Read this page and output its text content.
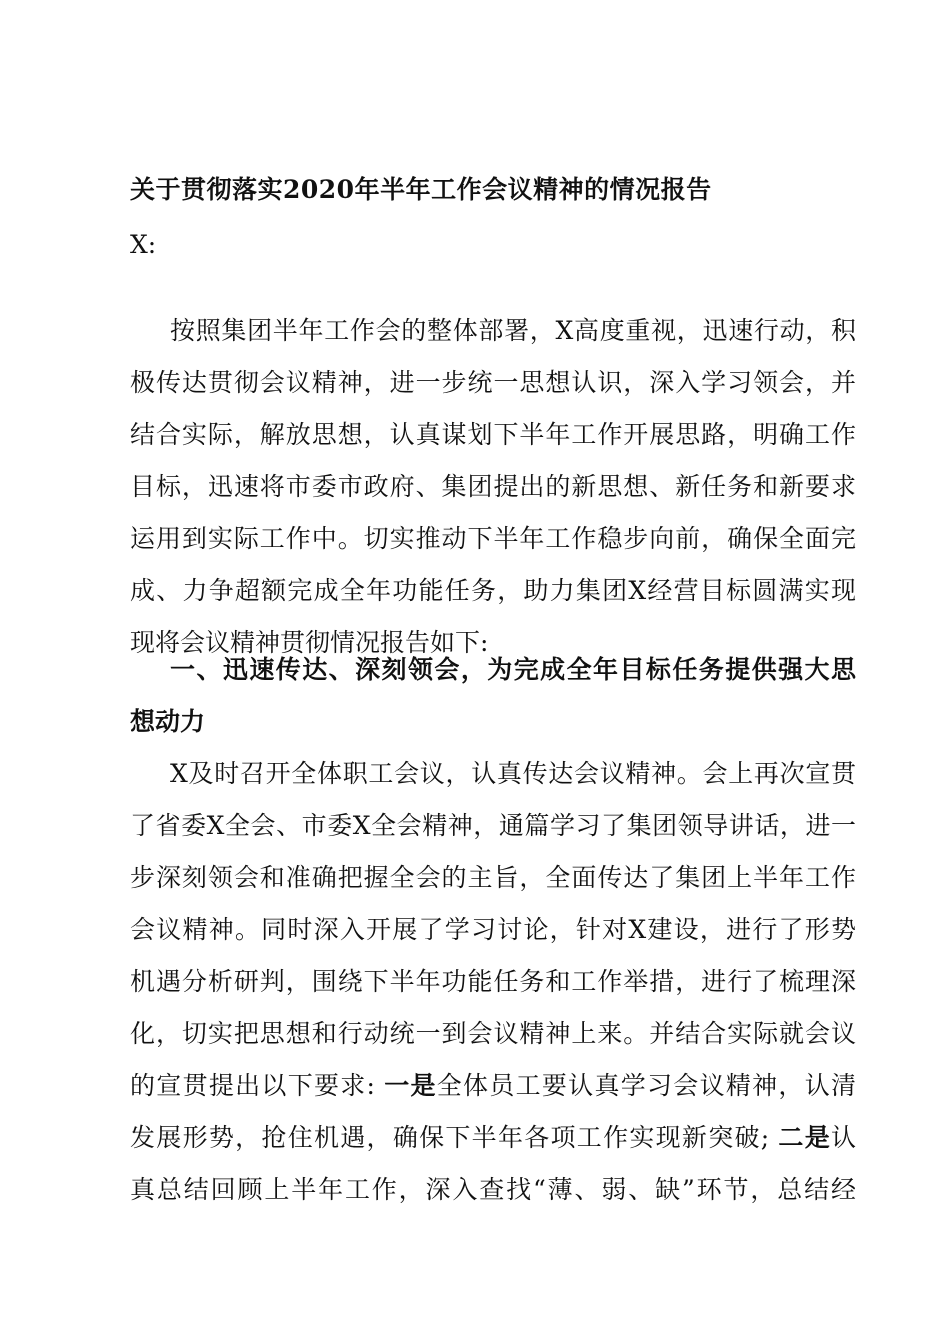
关于贯彻落实2020年半年工作会议精神的情况报告
X:
按照集团半年工作会的整体部署，X高度重视，迅速行动，积
极传达贯彻会议精神，进一步统一思想认识，深入学习领会，并
结合实际，解放思想，认真谋划下半年工作开展思路，明确工作
目标，迅速将市委市政府、集团提出的新思想、新任务和新要求
运用到实际工作中。切实推动下半年工作稳步向前，确保全面完
成、力争超额完成全年功能任务，助力集团X经营目标圆满实现
现将会议精神贯彻情况报告如下:
一、迅速传达、深刻领会，为完成全年目标任务提供强大思
想动力
X及时召开全体职工会议，认真传达会议精神。会上再次宣贯
了省委X全会、市委X全会精神，通篇学习了集团领导讲话，进一
步深刻领会和准确把握全会的主旨，全面传达了集团上半年工作
会议精神。同时深入开展了学习讨论，针对X建设，进行了形势
机遇分析研判，围绕下半年功能任务和工作举措，进行了梳理深
化，切实把思想和行动统一到会议精神上来。并结合实际就会议
的宣贯提出以下要求: 一是全体员工要认真学习会议精神，认清
发展形势，抢住机遇，确保下半年各项工作实现新突破; 二是认
真总结回顾上半年工作，深入查找“薄、弱、缺”环节，总结经
